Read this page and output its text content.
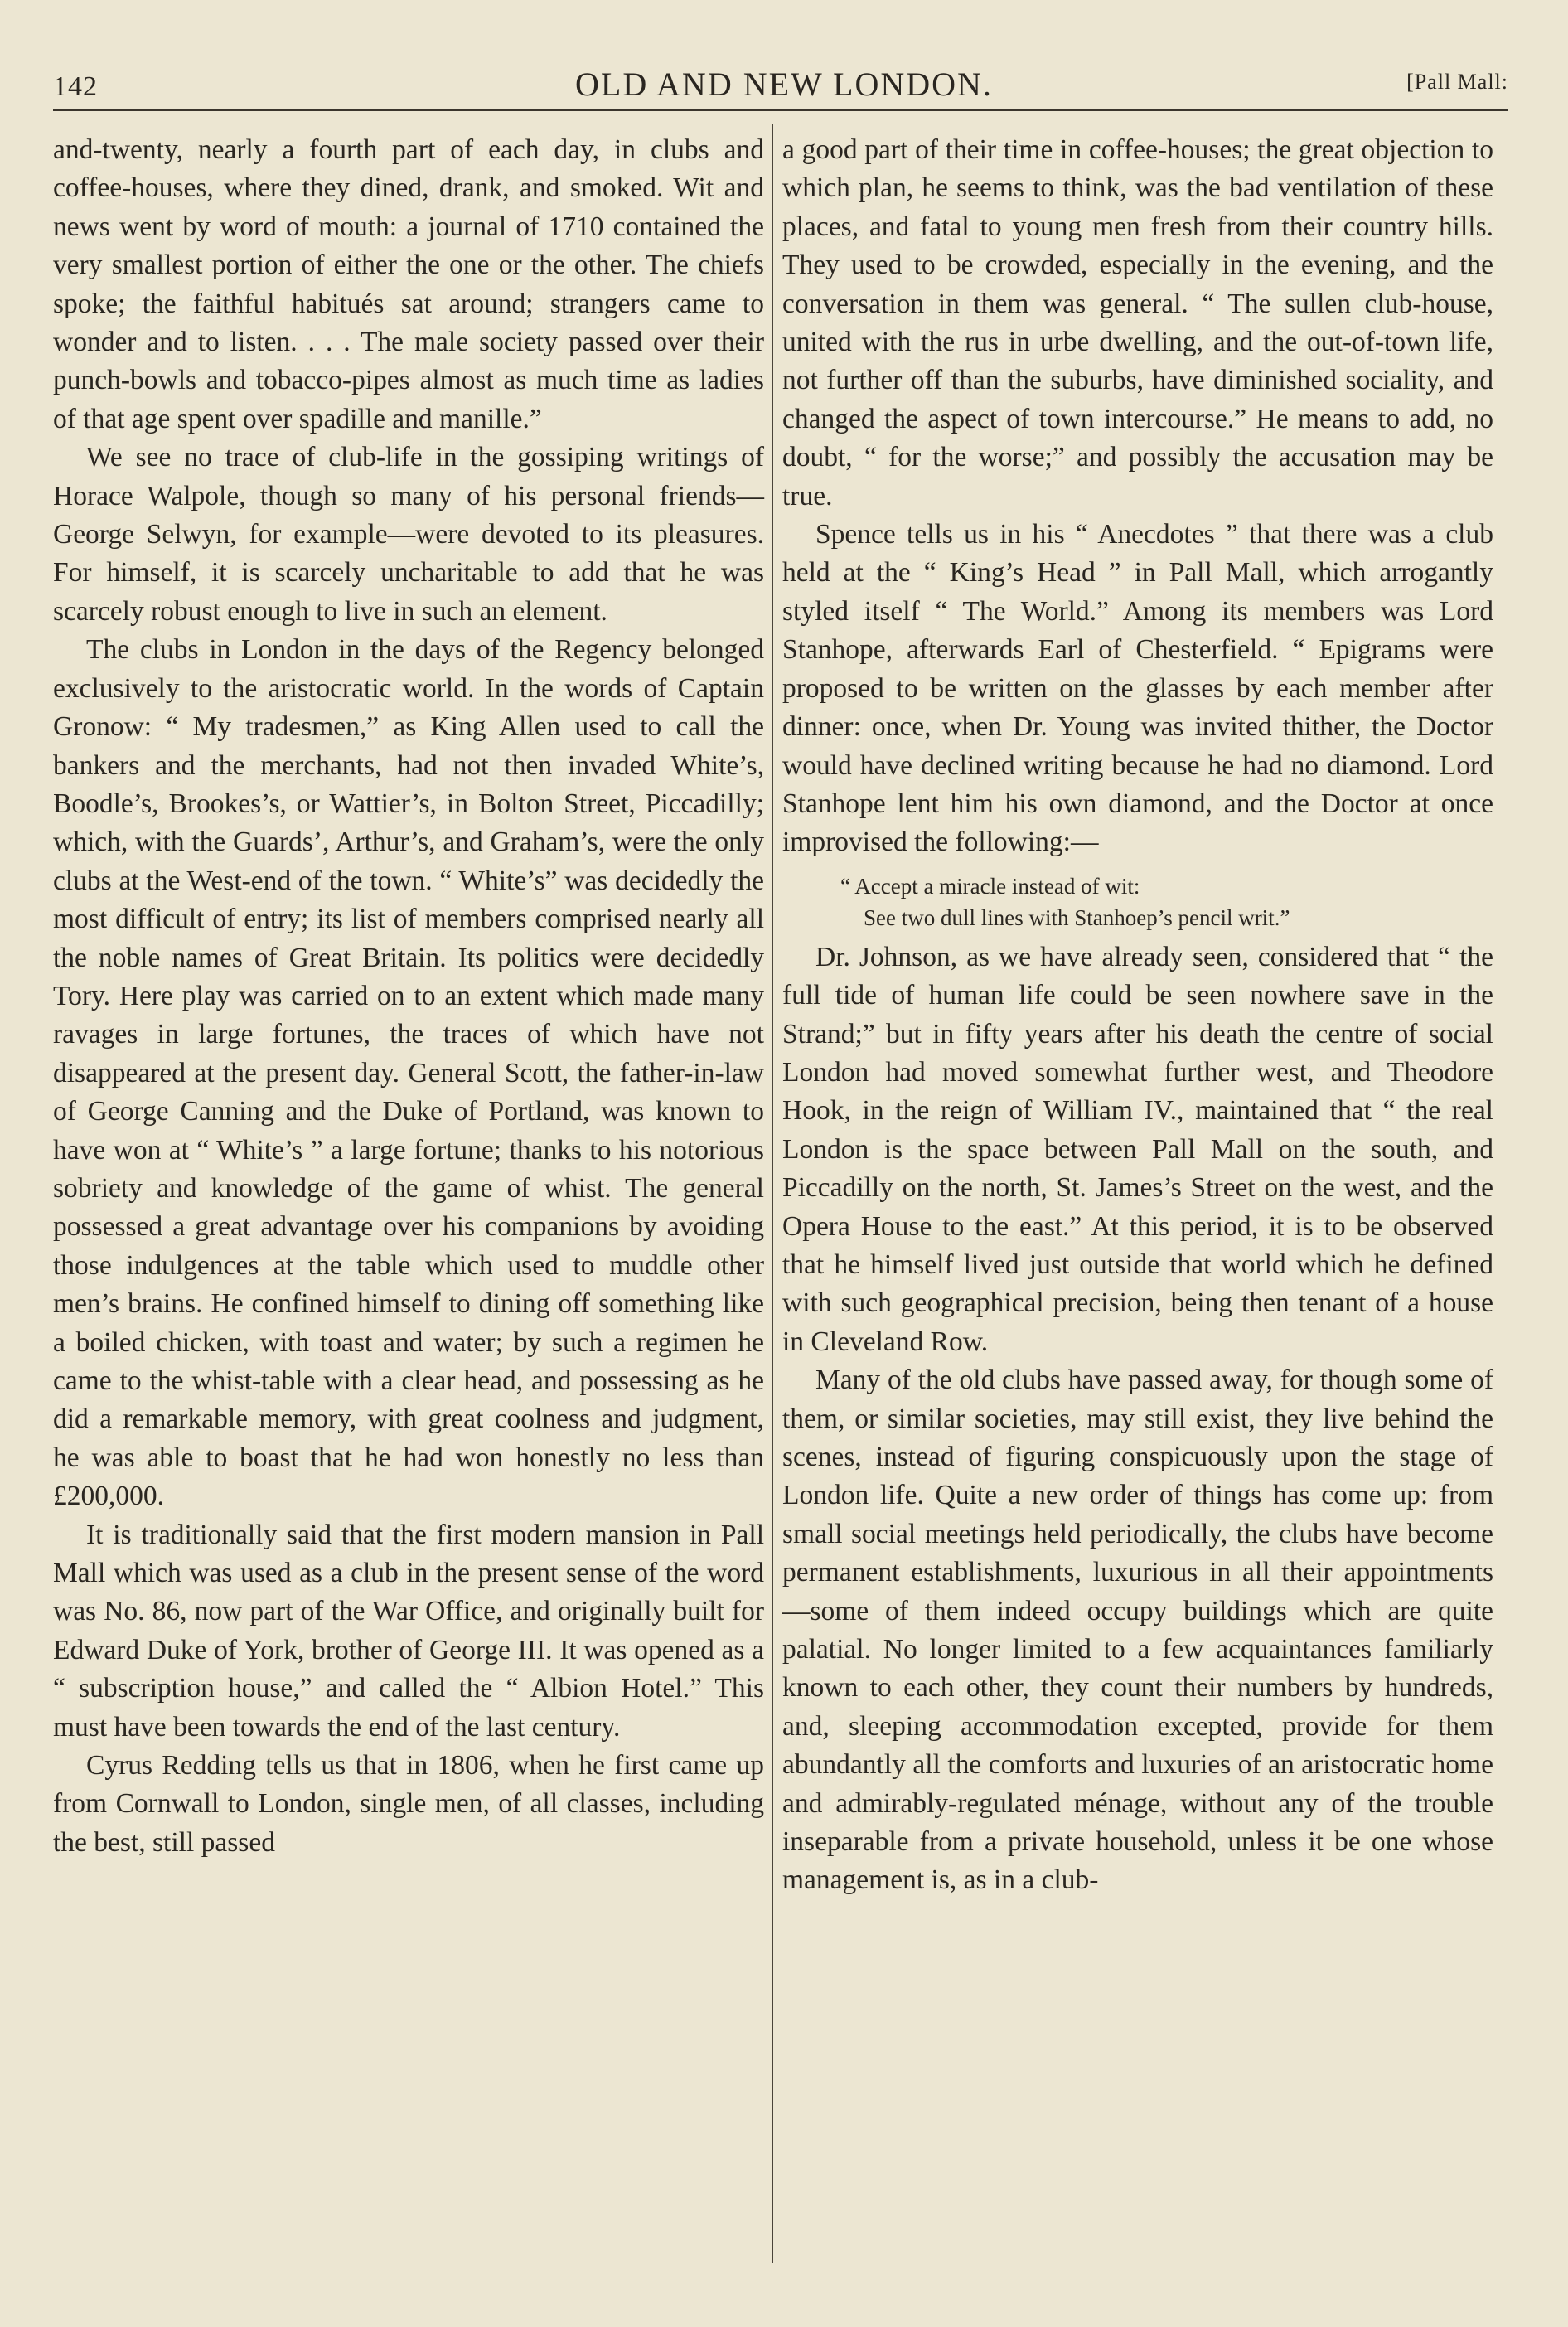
142	OLD AND NEW LONDON.	[Pall Mall:

and-twenty, nearly a fourth part of each day, in clubs and coffee-houses, where they dined, drank, and smoked. Wit and news went by word of mouth: a journal of 1710 contained the very smallest portion of either the one or the other. The chiefs spoke; the faithful habitués sat around; strangers came to wonder and to listen. . . . The male society passed over their punch-bowls and tobacco-pipes almost as much time as ladies of that age spent over spadille and manille.”

We see no trace of club-life in the gossiping writings of Horace Walpole, though so many of his personal friends—George Selwyn, for example—were devoted to its pleasures. For himself, it is scarcely uncharitable to add that he was scarcely robust enough to live in such an element.

The clubs in London in the days of the Regency belonged exclusively to the aristocratic world. In the words of Captain Gronow: “ My tradesmen,” as King Allen used to call the bankers and the merchants, had not then invaded White’s, Boodle’s, Brookes’s, or Wattier’s, in Bolton Street, Piccadilly; which, with the Guards’, Arthur’s, and Graham’s, were the only clubs at the West-end of the town. “ White’s” was decidedly the most difficult of entry; its list of members comprised nearly all the noble names of Great Britain. Its politics were decidedly Tory. Here play was carried on to an extent which made many ravages in large fortunes, the traces of which have not disappeared at the present day. General Scott, the father-in-law of George Canning and the Duke of Portland, was known to have won at “ White’s ” a large fortune; thanks to his notorious sobriety and knowledge of the game of whist. The general possessed a great advantage over his companions by avoiding those indulgences at the table which used to muddle other men’s brains. He confined himself to dining off something like a boiled chicken, with toast and water; by such a regimen he came to the whist-table with a clear head, and possessing as he did a remarkable memory, with great coolness and judgment, he was able to boast that he had won honestly no less than £200,000.

It is traditionally said that the first modern mansion in Pall Mall which was used as a club in the present sense of the word was No. 86, now part of the War Office, and originally built for Edward Duke of York, brother of George III. It was opened as a “ subscription house,” and called the “ Albion Hotel.” This must have been towards the end of the last century.

Cyrus Redding tells us that in 1806, when he first came up from Cornwall to London, single men, of all classes, including the best, still passed

a good part of their time in coffee-houses; the great objection to which plan, he seems to think, was the bad ventilation of these places, and fatal to young men fresh from their country hills. They used to be crowded, especially in the evening, and the conversation in them was general. “ The sullen club-house, united with the rus in urbe dwelling, and the out-of-town life, not further off than the suburbs, have diminished sociality, and changed the aspect of town intercourse.” He means to add, no doubt, “ for the worse;” and possibly the accusation may be true.

Spence tells us in his “ Anecdotes ” that there was a club held at the “ King’s Head ” in Pall Mall, which arrogantly styled itself “ The World.” Among its members was Lord Stanhope, afterwards Earl of Chesterfield. “ Epigrams were proposed to be written on the glasses by each member after dinner: once, when Dr. Young was invited thither, the Doctor would have declined writing because he had no diamond. Lord Stanhope lent him his own diamond, and the Doctor at once improvised the following:—

“ Accept a miracle instead of wit:
See two dull lines with Stanhoep’s pencil writ.”

Dr. Johnson, as we have already seen, considered that “ the full tide of human life could be seen nowhere save in the Strand;” but in fifty years after his death the centre of social London had moved somewhat further west, and Theodore Hook, in the reign of William IV., maintained that “ the real London is the space between Pall Mall on the south, and Piccadilly on the north, St. James’s Street on the west, and the Opera House to the east.” At this period, it is to be observed that he himself lived just outside that world which he defined with such geographical precision, being then tenant of a house in Cleveland Row.

Many of the old clubs have passed away, for though some of them, or similar societies, may still exist, they live behind the scenes, instead of figuring conspicuously upon the stage of London life. Quite a new order of things has come up: from small social meetings held periodically, the clubs have become permanent establishments, luxurious in all their appointments—some of them indeed occupy buildings which are quite palatial. No longer limited to a few acquaintances familiarly known to each other, they count their numbers by hundreds, and, sleeping accommodation excepted, provide for them abundantly all the comforts and luxuries of an aristocratic home and admirably-regulated ménage, without any of the trouble inseparable from a private household, unless it be one whose management is, as in a club-
